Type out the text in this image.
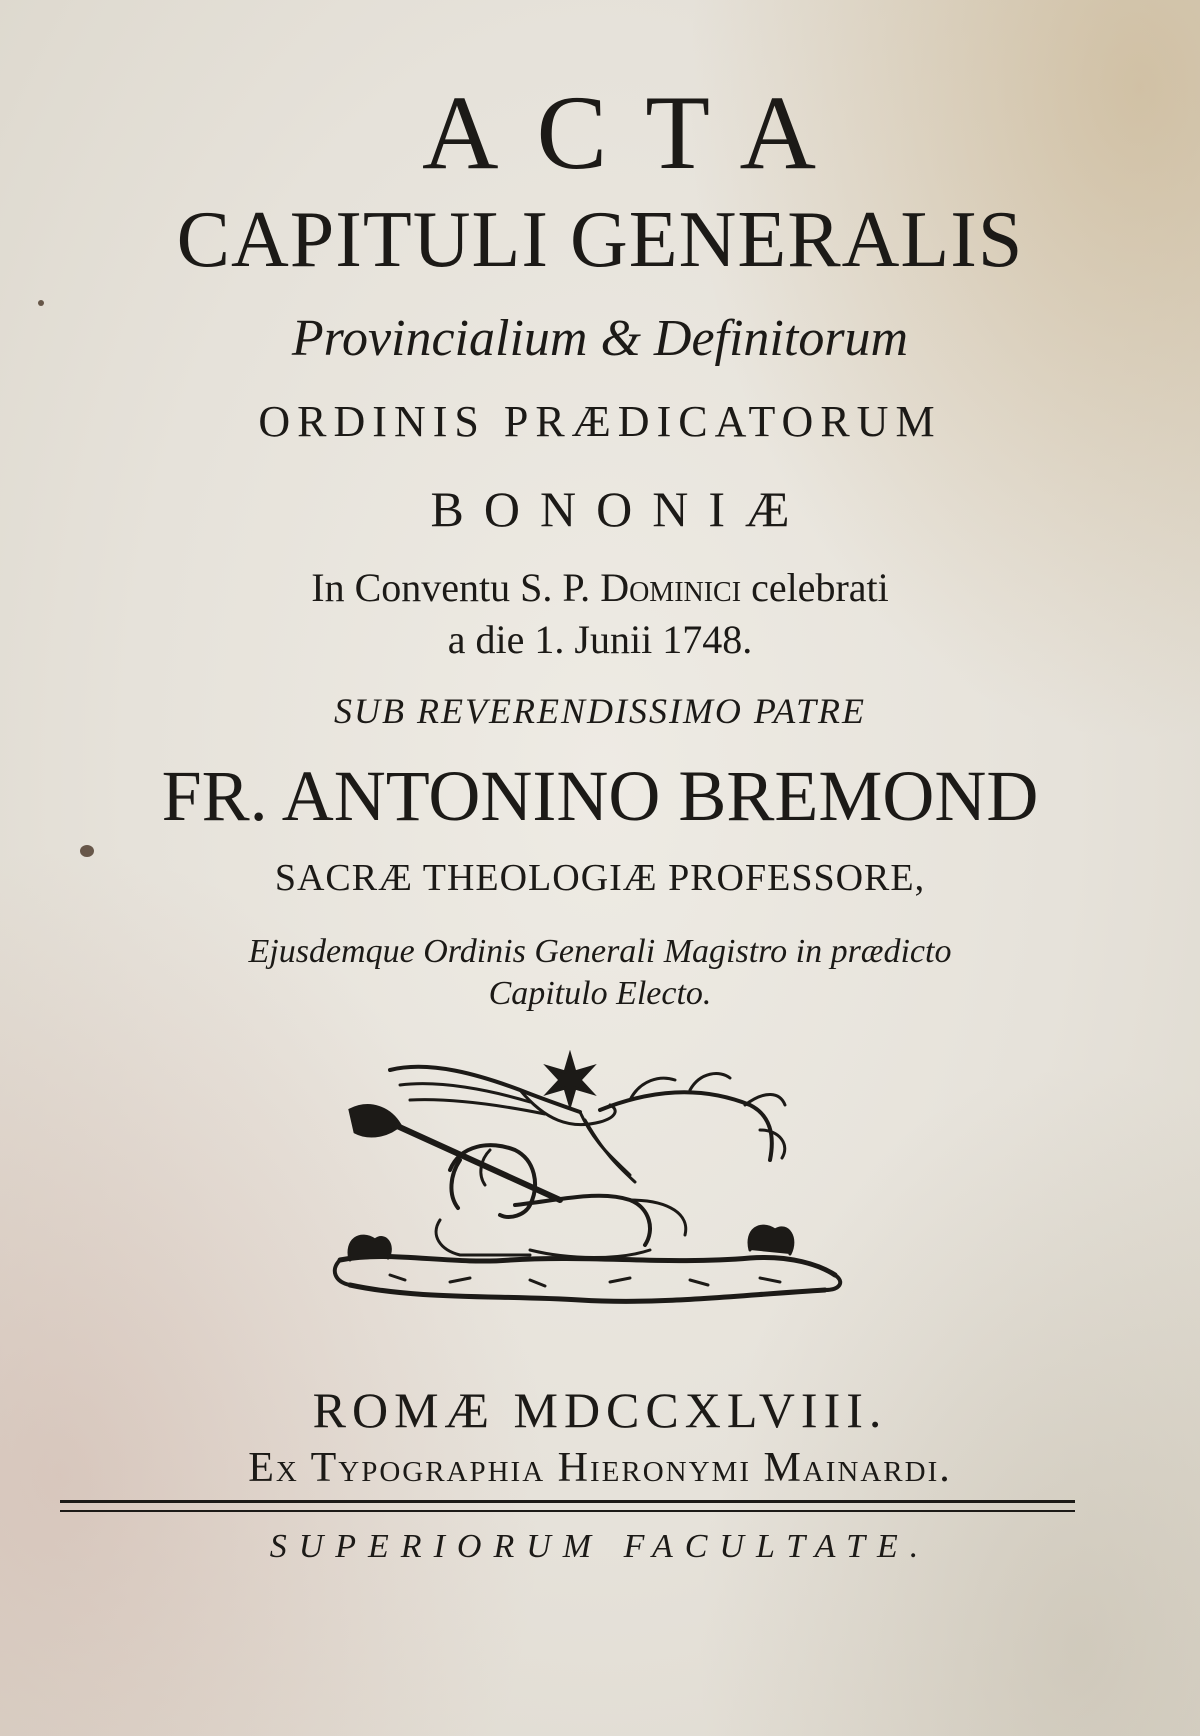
ACTA
CAPITULI GENERALIS
Provincialium & Definitorum
ORDINIS PRÆDICATORUM
BONONIÆ
In Conventu S. P. Dominici celebrati
a die 1. Junii 1748.
SUB REVERENDISSIMO PATRE
FR. ANTONINO BREMOND
SACRÆ THEOLOGIÆ PROFESSORE,
Ejusdemque Ordinis Generali Magistro in prædicto
Capitulo Electo.
ROMÆ MDCCXLVIII.
Ex Typographia Hieronymi Mainardi.
SUPERIORUM FACULTATE.
